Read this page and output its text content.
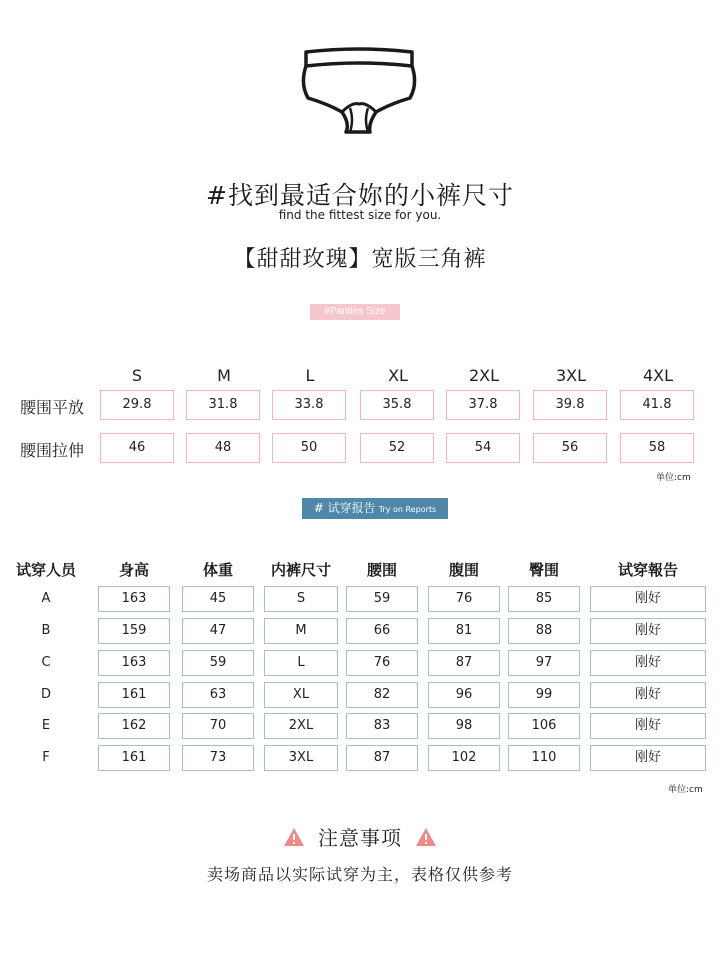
#找到最适合妳的小裤尺寸
find the fittest size for you.
【甜甜玫瑰】宽版三角裤
#Panties Size
S	M	L	XL	2XL	3XL	4XL
腰围平放	29.8	31.8	33.8	35.8	37.8	39.8	41.8
腰围拉伸	46	48	50	52	54	56	58
单位:cm
# 试穿报告 Try on Reports
试穿人员	身高	体重	内裤尺寸	腰围	腹围	臀围	试穿報告
A	163	45	S	59	76	85	刚好
B	159	47	M	66	81	88	刚好
C	163	59	L	76	87	97	刚好
D	161	63	XL	82	96	99	刚好
E	162	70	2XL	83	98	106	刚好
F	161	73	3XL	87	102	110	刚好
单位:cm
注意事项
卖场商品以实际试穿为主，表格仅供参考
